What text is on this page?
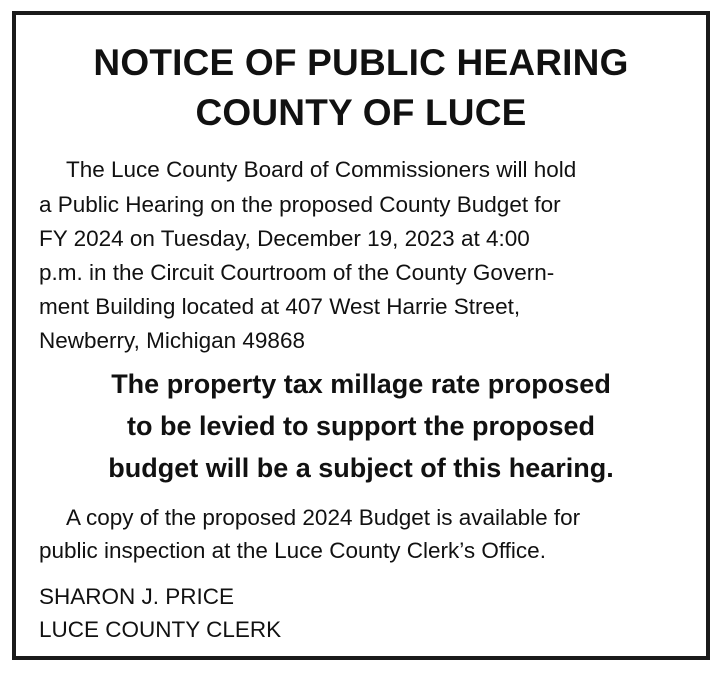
NOTICE OF PUBLIC HEARING
COUNTY OF LUCE
The Luce County Board of Commissioners will hold
a Public Hearing on the proposed County Budget for
FY 2024 on Tuesday, December 19, 2023 at 4:00
p.m. in the Circuit Courtroom of the County Govern-
ment Building located at 407 West Harrie Street,
Newberry, Michigan 49868
The property tax millage rate proposed
to be levied to support the proposed
budget will be a subject of this hearing.
A copy of the proposed 2024 Budget is available for
public inspection at the Luce County Clerk’s Office.
SHARON J. PRICE
LUCE COUNTY CLERK
